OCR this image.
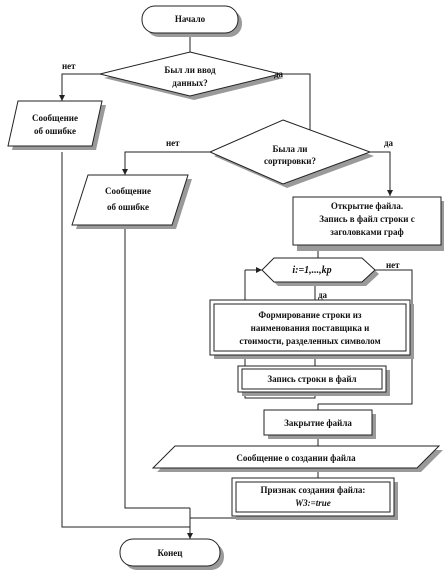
Начало
Был ли ввод
данных?
нет
да
Сообщение
об ошибке
Была ли
сортировки?
нет	да
Сообщение
об ошибке	Открытие файла.
Запись в файл строки с
заголовками граф
i:=1,...,kp	нет
да
Формирование строки из
наименования поставщика и
стоимости, разделенных символом
Запись строки в файл
Закрытие файла
Сообщение о создании файла
Признак создания файла:
W3:=true
Конец
